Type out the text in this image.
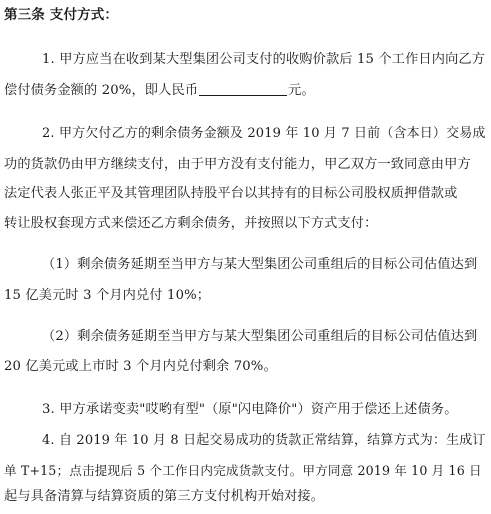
第三条 支付方式：
1. 甲方应当在收到某大型集团公司支付的收购价款后 15 个工作日内向乙方
偿付债务金额的 20%，即人民币	元。
2. 甲方欠付乙方的剩余债务金额及 2019 年 10 月 7 日前（含本日）交易成
功的货款仍由甲方继续支付，由于甲方没有支付能力，甲乙双方一致同意由甲方
法定代表人张正平及其管理团队持股平台以其持有的目标公司股权质押借款或
转让股权套现方式来偿还乙方剩余债务，并按照以下方式支付：
（1）剩余债务延期至当甲方与某大型集团公司重组后的目标公司估值达到
15 亿美元时 3 个月内兑付 10%；
（2）剩余债务延期至当甲方与某大型集团公司重组后的目标公司估值达到
20 亿美元或上市时 3 个月内兑付剩余 70%。
3. 甲方承诺变卖"哎哟有型"（原"闪电降价"）资产用于偿还上述债务。
4. 自 2019 年 10 月 8 日起交易成功的货款正常结算，结算方式为：生成订
单 T+15；点击提现后 5 个工作日内完成货款支付。甲方同意 2019 年 10 月 16 日
起与具备清算与结算资质的第三方支付机构开始对接。
